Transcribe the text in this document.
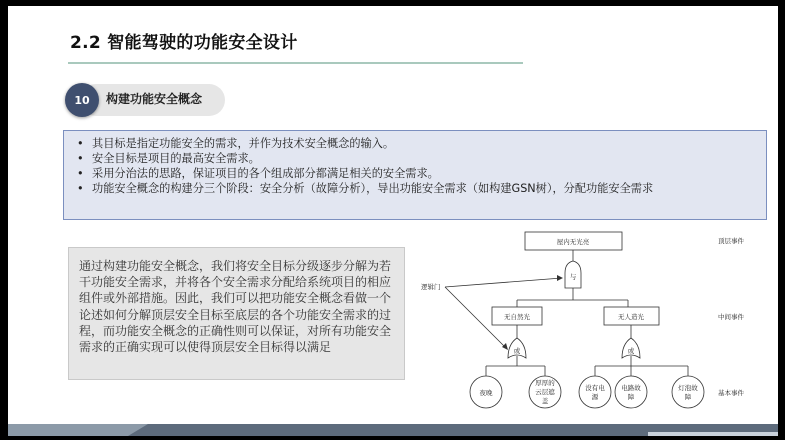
2.2 智能驾驶的功能安全设计
10	构建功能安全概念
• 其目标是指定功能安全的需求，并作为技术安全概念的输入。
• 安全目标是项目的最高安全需求。
• 采用分治法的思路，保证项目的各个组成部分都满足相关的安全需求。
• 功能安全概念的构建分三个阶段：安全分析（故障分析），导出功能安全需求（如构建GSN树），分配功能安全需求
通过构建功能安全概念，我们将安全目标分级逐步分解为若干功能安全需求，并将各个安全需求分配给系统项目的相应组件或外部措施。因此，我们可以把功能安全概念看做一个论述如何分解顶层安全目标至底层的各个功能安全需求的过程，而功能安全概念的正确性则可以保证，对所有功能安全需求的正确实现可以使得顶层安全目标得以满足
屋内无光亮
与
逻辑门
无自然光	无人造光
或	或
夜晚
厚厚的
云层遮
盖
没有电
源
电路故
障
灯泡故
障
顶层事件
中间事件
基本事件
